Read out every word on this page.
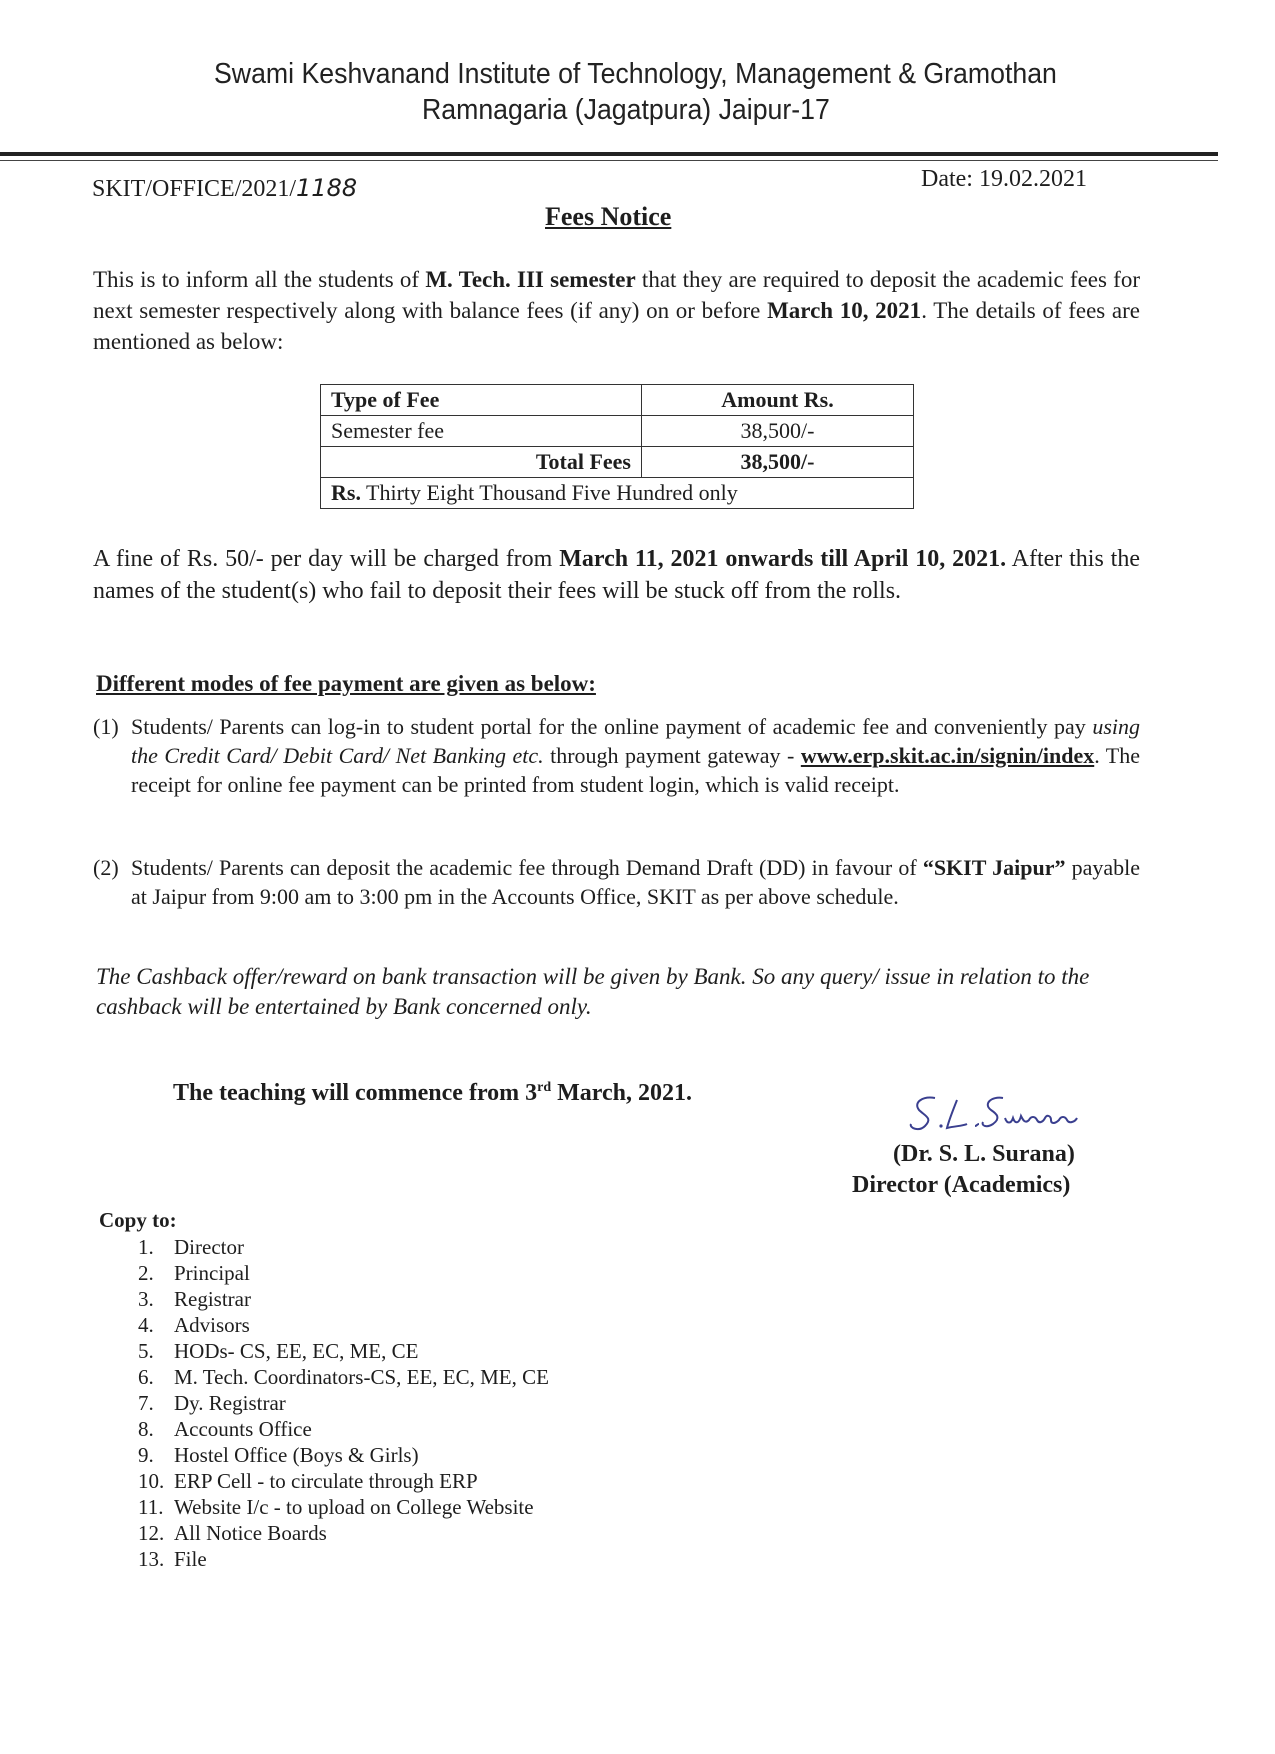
Swami Keshvanand Institute of Technology, Management & Gramothan
Ramnagaria (Jagatpura) Jaipur-17
SKIT/OFFICE/2021/1188	Date: 19.02.2021
Fees Notice
This is to inform all the students of M. Tech. III semester that they are required to deposit the academic fees for next semester respectively along with balance fees (if any) on or before March 10, 2021. The details of fees are mentioned as below:
Type of Fee	Amount Rs.
Semester fee	38,500/-
Total Fees	38,500/-
Rs. Thirty Eight Thousand Five Hundred only	
A fine of Rs. 50/- per day will be charged from March 11, 2021 onwards till April 10, 2021. After this the names of the student(s) who fail to deposit their fees will be stuck off from the rolls.
Different modes of fee payment are given as below:
(1) Students/ Parents can log-in to student portal for the online payment of academic fee and conveniently pay using the Credit Card/ Debit Card/ Net Banking etc. through payment gateway - www.erp.skit.ac.in/signin/index. The receipt for online fee payment can be printed from student login, which is valid receipt.
(2) Students/ Parents can deposit the academic fee through Demand Draft (DD) in favour of “SKIT Jaipur” payable at Jaipur from 9:00 am to 3:00 pm in the Accounts Office, SKIT as per above schedule.
The Cashback offer/reward on bank transaction will be given by Bank. So any query/ issue in relation to the cashback will be entertained by Bank concerned only.
The teaching will commence from 3rd March, 2021.
(Dr. S. L. Surana)
Director (Academics)
Copy to:
1. Director
2. Principal
3. Registrar
4. Advisors
5. HODs- CS, EE, EC, ME, CE
6. M. Tech. Coordinators-CS, EE, EC, ME, CE
7. Dy. Registrar
8. Accounts Office
9. Hostel Office (Boys & Girls)
10. ERP Cell - to circulate through ERP
11. Website I/c - to upload on College Website
12. All Notice Boards
13. File
